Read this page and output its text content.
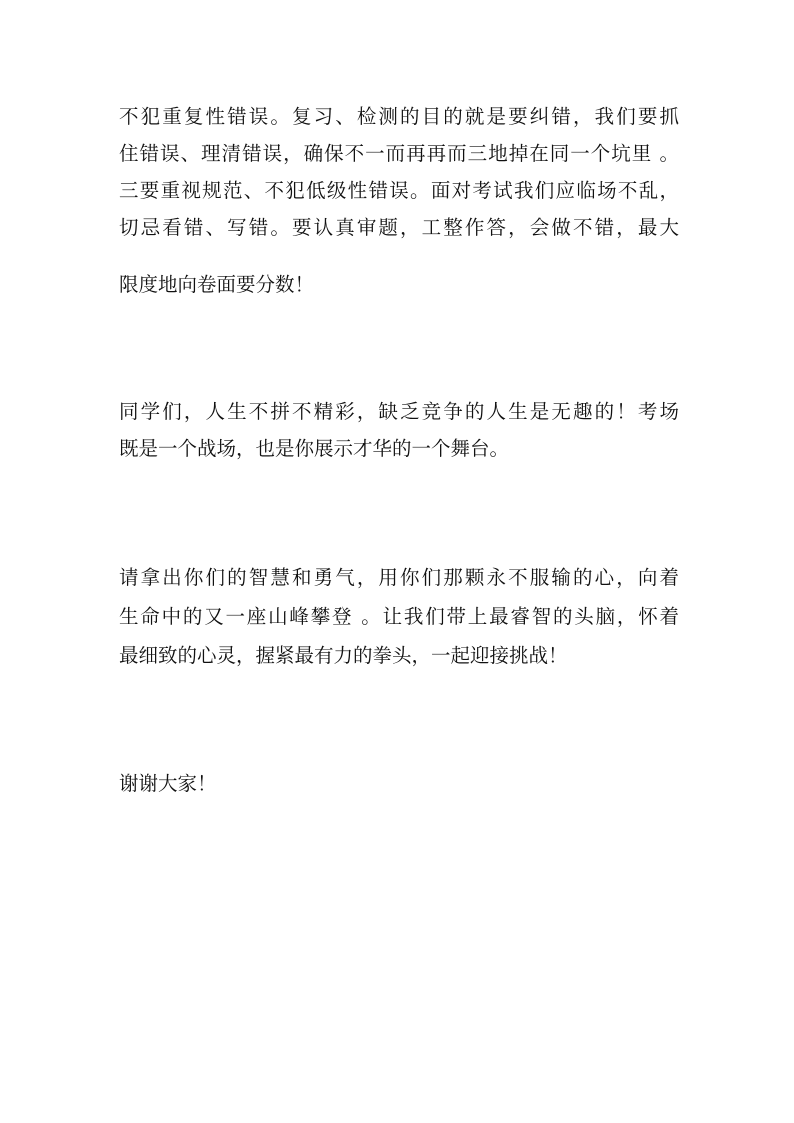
不犯重复性错误。复习、检测的目的就是要纠错，我们要抓
住错误、理清错误，确保不一而再再而三地掉在同一个坑里 。
三要重视规范、不犯低级性错误。面对考试我们应临场不乱，
切忌看错、写错。要认真审题，工整作答，会做不错，最大
限度地向卷面要分数！
同学们，人生不拼不精彩，缺乏竞争的人生是无趣的！考场
既是一个战场，也是你展示才华的一个舞台。
请拿出你们的智慧和勇气，用你们那颗永不服输的心，向着
生命中的又一座山峰攀登 。让我们带上最睿智的头脑，怀着
最细致的心灵，握紧最有力的拳头，一起迎接挑战！
谢谢大家！
